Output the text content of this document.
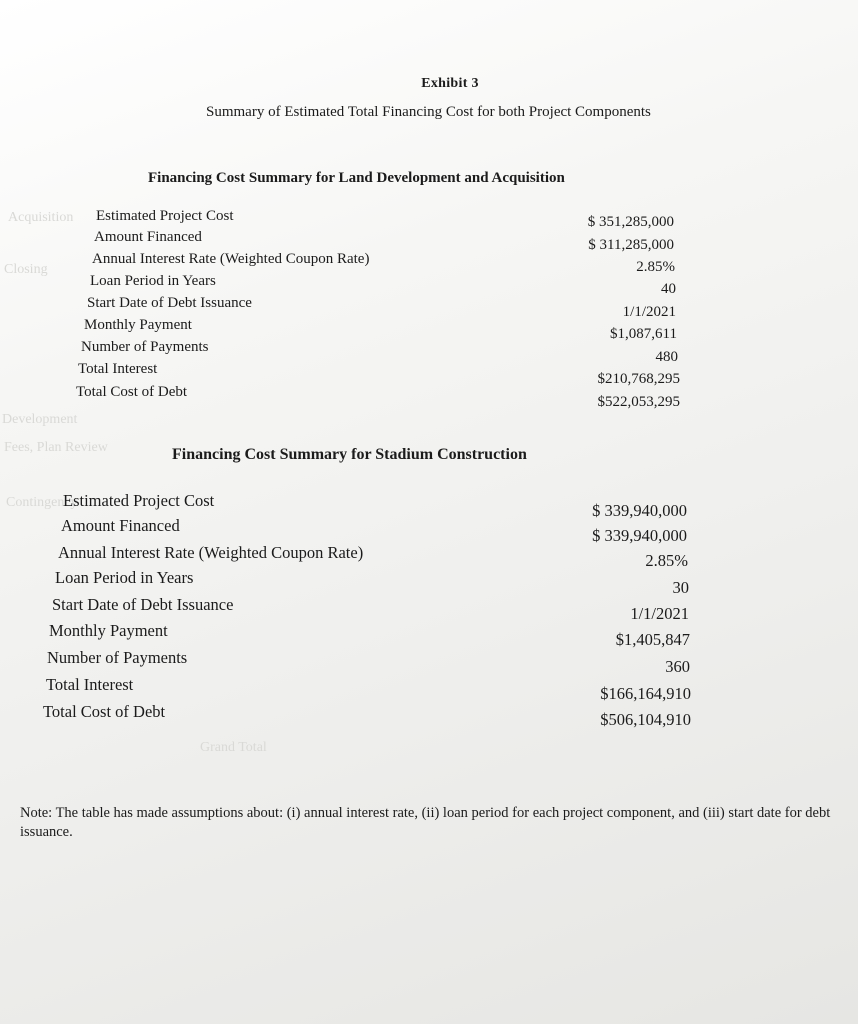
Acquisition
Closing
Development
Fees, Plan Review
Contingency
Grand Total
Exhibit 3
Summary of Estimated Total Financing Cost for both Project Components
Financing Cost Summary for Land Development and Acquisition
Estimated Project Cost
Amount Financed
Annual Interest Rate (Weighted Coupon Rate)
Loan Period in Years
Start Date of Debt Issuance
Monthly Payment
Number of Payments
Total Interest
Total Cost of Debt
$ 351,285,000
$ 311,285,000
2.85%
40
1/1/2021
$1,087,611
480
$210,768,295
$522,053,295
Financing Cost Summary for Stadium Construction
Estimated Project Cost
Amount Financed
Annual Interest Rate (Weighted Coupon Rate)
Loan Period in Years
Start Date of Debt Issuance
Monthly Payment
Number of Payments
Total Interest
Total Cost of Debt
$ 339,940,000
$ 339,940,000
2.85%
30
1/1/2021
$1,405,847
360
$166,164,910
$506,104,910
Note: The table has made assumptions about: (i) annual interest rate, (ii) loan period for each project component, and (iii) start date for debt issuance.
